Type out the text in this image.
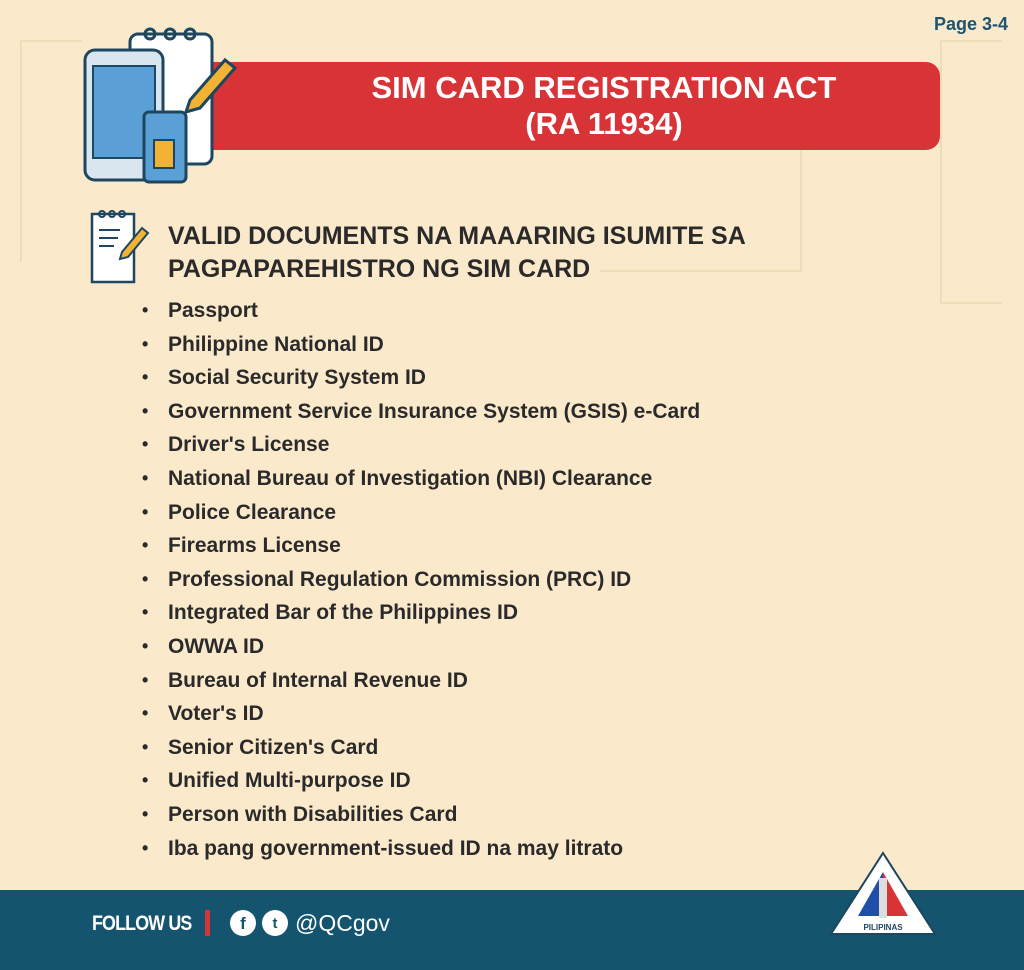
Page 3-4
SIM CARD REGISTRATION ACT
(RA 11934)
VALID DOCUMENTS NA MAAARING ISUMITE SA
PAGPAPAREHISTRO NG SIM CARD
• Passport
• Philippine National ID
• Social Security System ID
• Government Service Insurance System (GSIS) e-Card
• Driver's License
• National Bureau of Investigation (NBI) Clearance
• Police Clearance
• Firearms License
• Professional Regulation Commission (PRC) ID
• Integrated Bar of the Philippines ID
• OWWA ID
• Bureau of Internal Revenue ID
• Voter's ID
• Senior Citizen's Card
• Unified Multi-purpose ID
• Person with Disabilities Card
• Iba pang government-issued ID na may litrato
FOLLOW US	f	t @QCgov	PILIPINAS
